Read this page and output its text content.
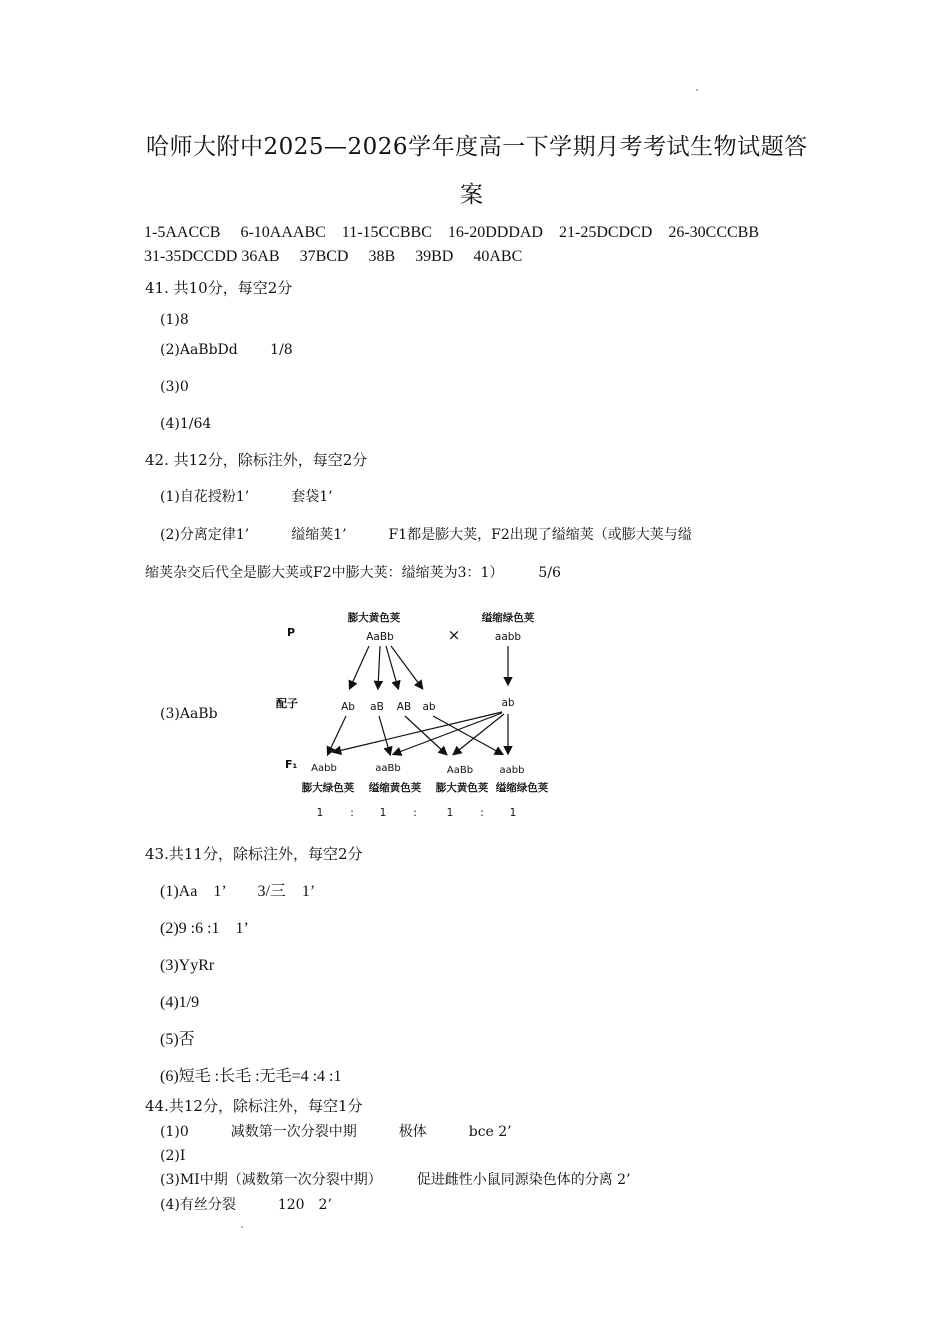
哈师大附中2025—2026学年度高一下学期月考考试生物试题答
案
1-5AACCB　 6-10AAABC　11-15CCBBC　16-20DDDAD　21-25DCDCD　26-30CCCBB
31-35DCCDD 36AB　 37BCD　 38B　 39BD　 40ABC
41. 共10分，每空2分
(1)8
(2)AaBbDd　　 1/8
(3)0
(4)1/64
42. 共12分，除标注外，每空2分
(1)自花授粉1’　　　套袋1’
(2)分离定律1’　　　缢缩荚1’　　　F1都是膨大荚，F2出现了缢缩荚（或膨大荚与缢
缩荚杂交后代全是膨大荚或F2中膨大荚：缢缩荚为3：1）　　　5/6
(3)AaBb
P
配子
F₁
膨大黄色荚
AaBb	×
缢缩绿色荚
aabb
Ab aB AB ab	ab
Aabb	aaBb	AaBb	aabb
膨大绿色荚 缢缩黄色荚 膨大黄色荚 缢缩绿色荚
1	: 1	:	1	: 1
43.共11分，除标注外，每空2分
(1)Aa　1’　　3/三　1’
(2)9 :6 :1　1’
(3)YyRr
(4)1/9
(5)否
(6)短毛 :长毛 :无毛=4 :4 :1
44.共12分，除标注外，每空1分
(1)0　　　减数第一次分裂中期　　　极体　　　bce 2’
(2)Ⅰ
(3)MⅠ中期（减数第一次分裂中期）　　　促进雌性小鼠同源染色体的分离 2’
(4)有丝分裂　　　120　2’
